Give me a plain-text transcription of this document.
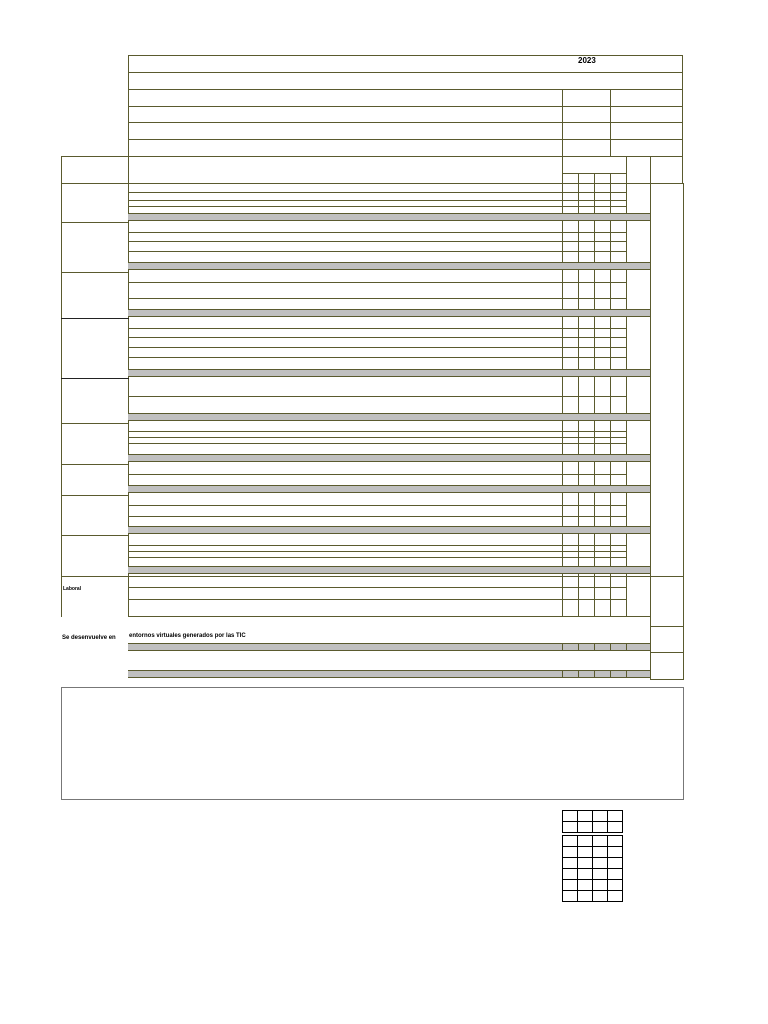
2023
Laboral
Se desenvuelve en entornos virtuales generados por las TIC
